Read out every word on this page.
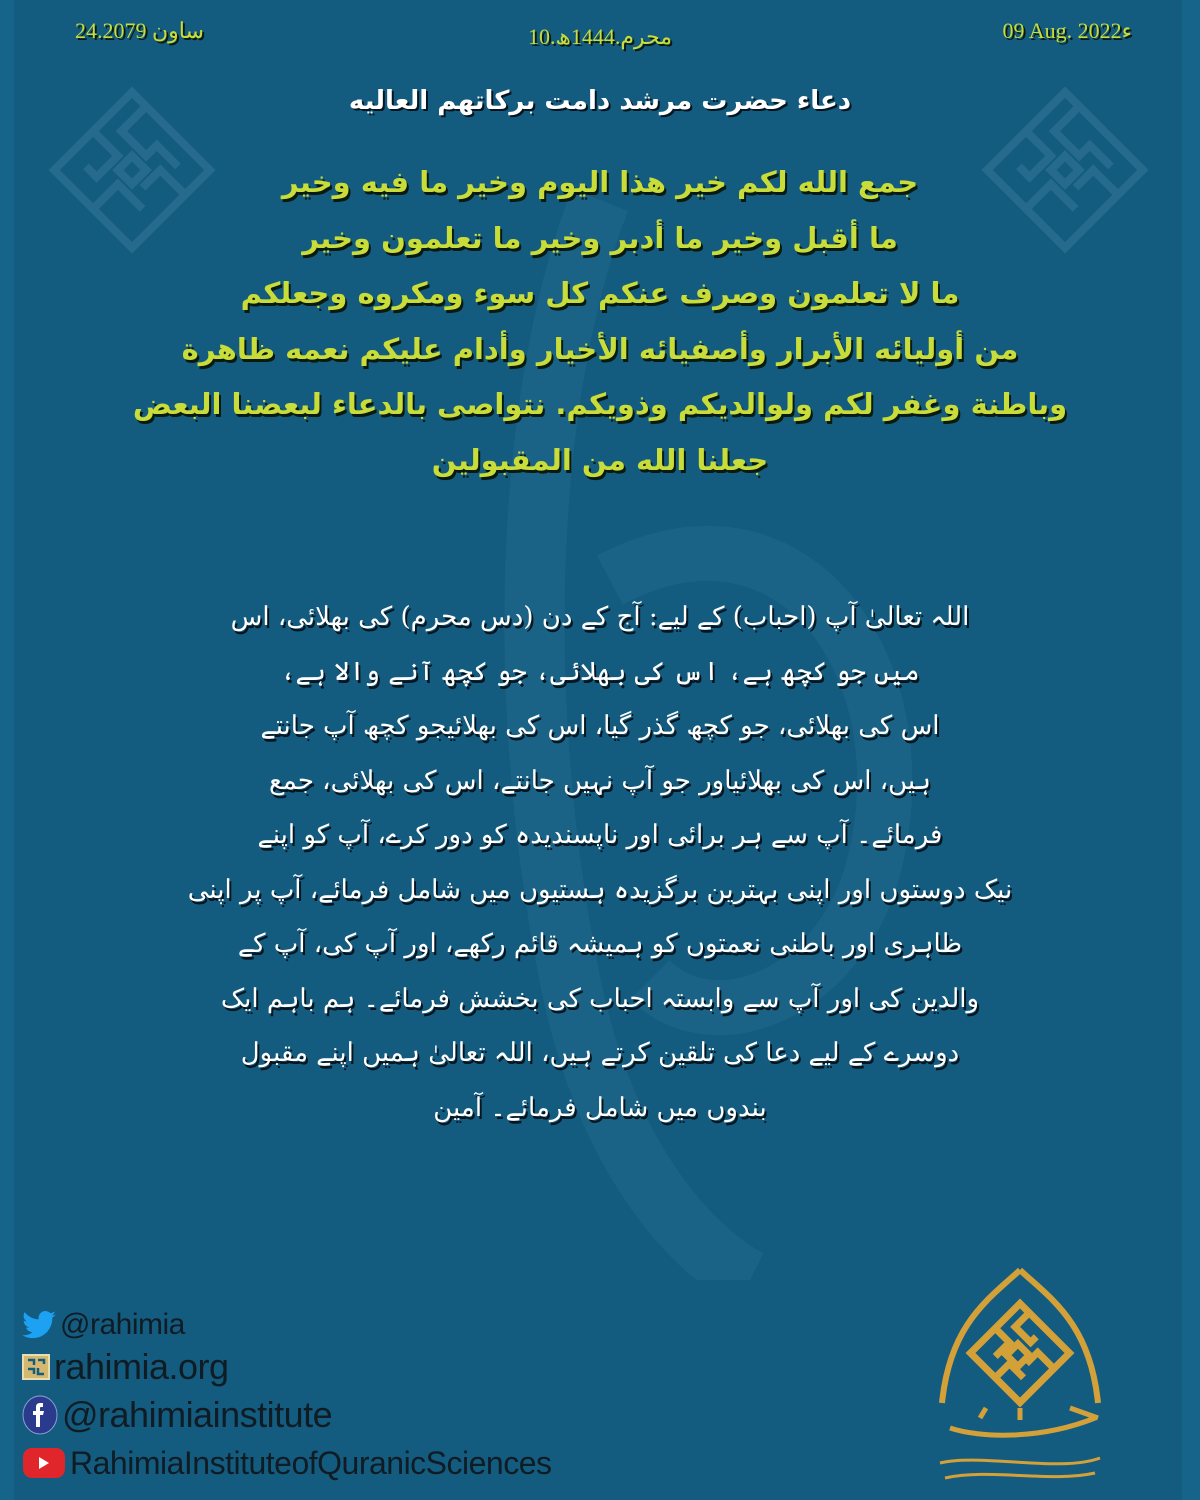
24.ساون 2079	10.محرم.1444ھ	09 Aug. 2022ء
دعاء حضرت مرشد دامت برکاتهم العالیه
جمع الله لكم خير هذا اليوم وخير ما فيه وخير
ما أقبل وخير ما أدبر وخير ما تعلمون وخير
ما لا تعلمون وصرف عنكم كل سوء ومكروه وجعلكم
من أوليائه الأبرار وأصفيائه الأخيار وأدام عليكم نعمه ظاهرة
وباطنة وغفر لكم ولوالديكم وذويكم. نتواصى بالدعاء لبعضنا البعض
جعلنا الله من المقبولين
اللہ تعالیٰ آپ (احباب) کے لیے: آج کے دن (دس محرم) کی بھلائی، اس
میں جو کچھ ہے، اس کی بھلائی، جو کچھ آنے والا ہے،
اس کی بھلائی، جو کچھ گذر گیا، اس کی بھلائیجو کچھ آپ جانتے
ہیں، اس کی بھلائیاور جو آپ نہیں جانتے، اس کی بھلائی، جمع
فرمائے۔ آپ سے ہر برائی اور ناپسندیدہ کو دور کرے، آپ کو اپنے
نیک دوستوں اور اپنی بہترین برگزیدہ ہستیوں میں شامل فرمائے، آپ پر اپنی
ظاہری اور باطنی نعمتوں کو ہمیشہ قائم رکھے، اور آپ کی، آپ کے
والدین کی اور آپ سے وابستہ احباب کی بخشش فرمائے۔ ہم باہم ایک
دوسرے کے لیے دعا کی تلقین کرتے ہیں، اللہ تعالیٰ ہمیں اپنے مقبول
بندوں میں شامل فرمائے۔ آمین
@rahimia
rahimia.org
@rahimiainstitute
RahimiaInstituteofQuranicSciences
